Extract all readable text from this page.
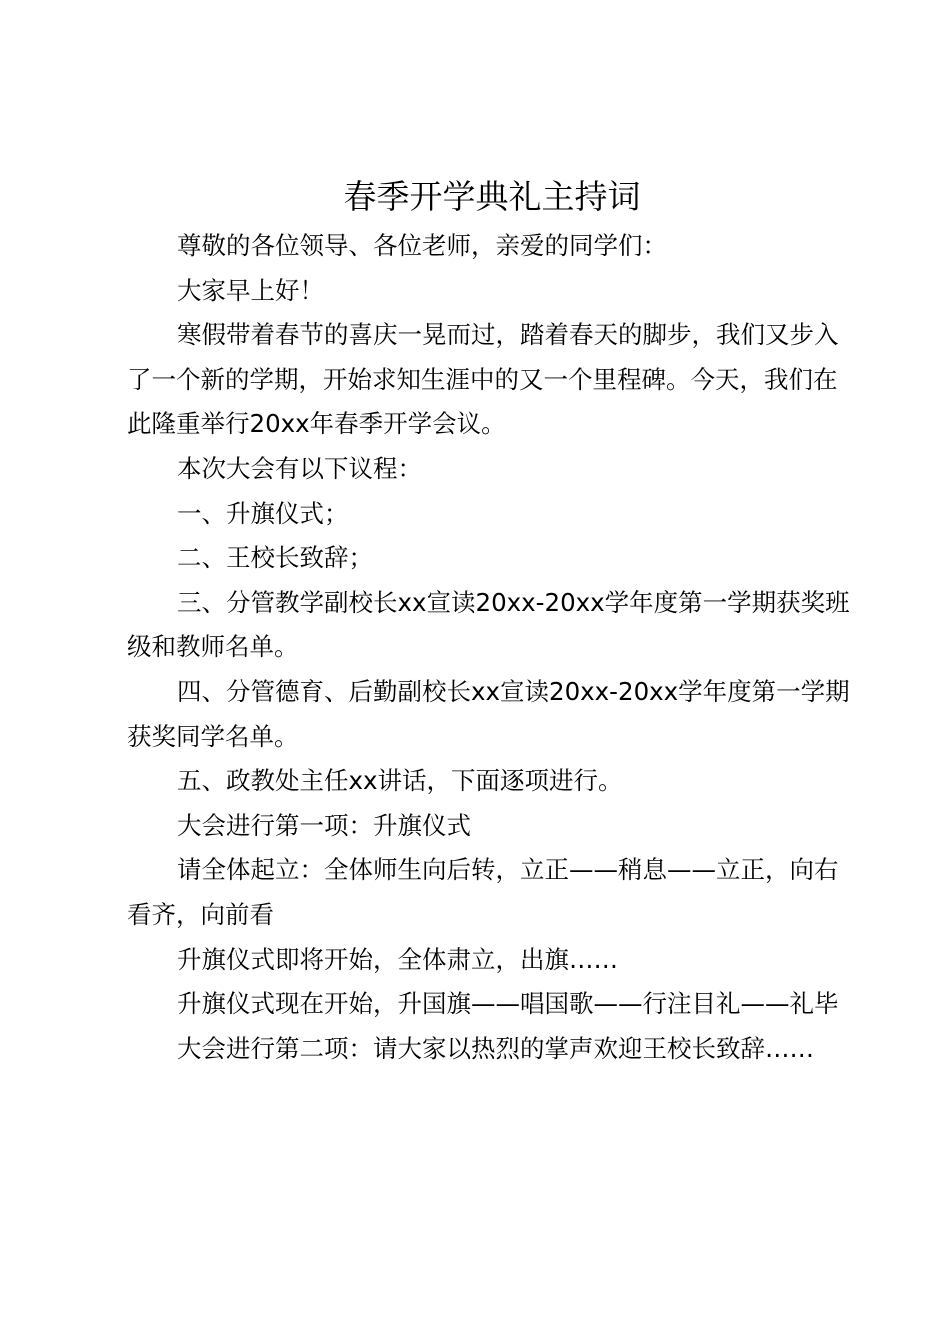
春季开学典礼主持词

尊敬的各位领导、各位老师，亲爱的同学们：

大家早上好！

寒假带着春节的喜庆一晃而过，踏着春天的脚步，我们又步入了一个新的学期，开始求知生涯中的又一个里程碑。今天，我们在此隆重举行20xx年春季开学会议。

本次大会有以下议程：

一、升旗仪式；

二、王校长致辞；

三、分管教学副校长xx宣读20xx-20xx学年度第一学期获奖班级和教师名单。

四、分管德育、后勤副校长xx宣读20xx-20xx学年度第一学期获奖同学名单。

五、政教处主任xx讲话，下面逐项进行。

大会进行第一项：升旗仪式

请全体起立：全体师生向后转，立正——稍息——立正，向右看齐，向前看

升旗仪式即将开始，全体肃立，出旗……

升旗仪式现在开始，升国旗——唱国歌——行注目礼——礼毕

大会进行第二项：请大家以热烈的掌声欢迎王校长致辞……
